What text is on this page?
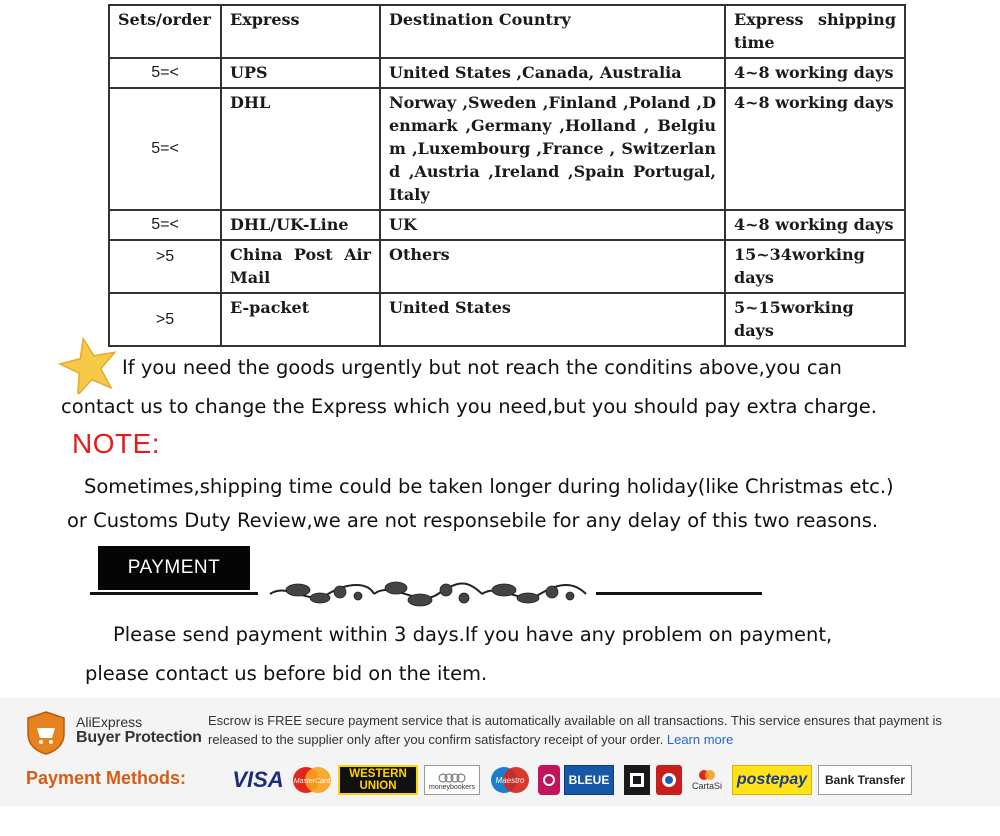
Sets/order	Express	Destination Country	Express shipping time
5=<	UPS	United States ,Canada, Australia	4~8 working days
5=<	DHL	Norway ,Sweden ,Finland ,Poland ,Denmark ,Germany ,Holland , Belgium ,Luxembourg ,France , Switzerland ,Austria ,Ireland ,Spain Portugal, Italy	4~8 working days
5=<	DHL/UK-Line	UK	4~8 working days
>5	China Post Air Mail	Others	15~34working days
>5	E-packet	United States	5~15working days
If you need the goods urgently but not reach the conditins above,you can
contact us to change the Express which you need,but you should pay extra charge.
NOTE:
Sometimes,shipping time could be taken longer during holiday(like Christmas etc.)
or Customs Duty Review,we are not responsebile for any delay of this two reasons.
PAYMENT
Please send payment within 3 days.If you have any problem on payment,
please contact us before bid on the item.
AliExpress
Buyer Protection
Escrow is FREE secure payment service that is automatically available on all transactions. This service ensures that payment is released to the supplier only after you confirm satisfactory receipt of your order. Learn more
Payment Methods: VISA	MasterCard
WESTERN
UNION	moneybookers
Maestro	BLEUE	CartaSi postepay	Bank Transfer
